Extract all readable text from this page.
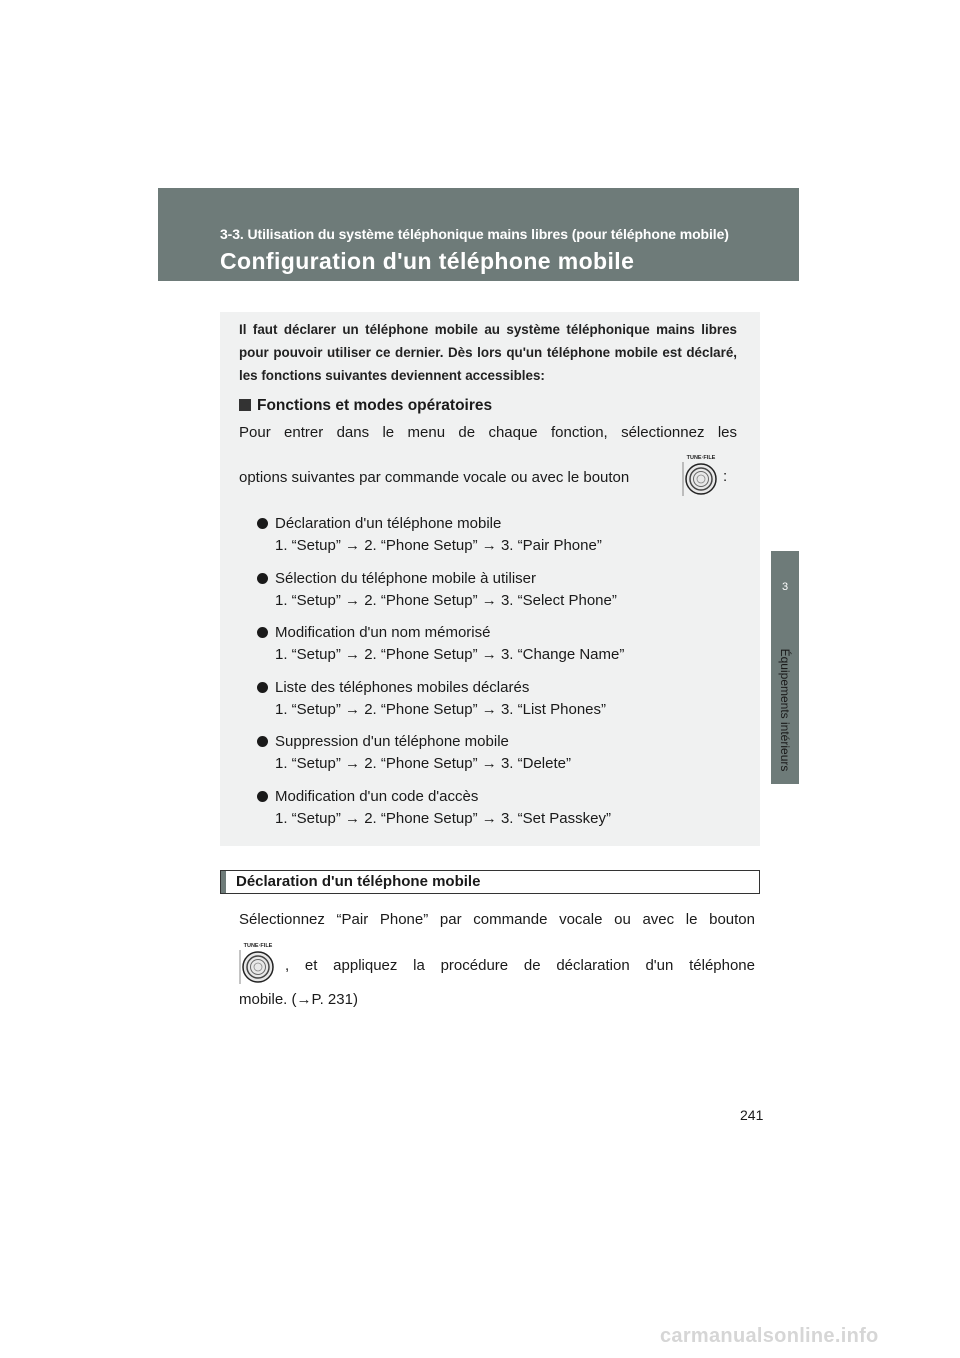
3-3. Utilisation du système téléphonique mains libres (pour téléphone mobile)
Configuration d'un téléphone mobile
3
Équipements intérieurs
Il faut déclarer un téléphone mobile au système téléphonique mains libres pour pouvoir utiliser ce dernier. Dès lors qu'un téléphone mobile est déclaré, les fonctions suivantes deviennent accessibles:
Fonctions et modes opératoires
Pour entrer dans le menu de chaque fonction, sélectionnez les
options suivantes par commande vocale ou avec le bouton
TUNE·FILE
:
Déclaration d'un téléphone mobile
1. “Setup” → 2. “Phone Setup” → 3. “Pair Phone”
Sélection du téléphone mobile à utiliser
1. “Setup” → 2. “Phone Setup” → 3. “Select Phone”
Modification d'un nom mémorisé
1. “Setup” → 2. “Phone Setup” → 3. “Change Name”
Liste des téléphones mobiles déclarés
1. “Setup” → 2. “Phone Setup” → 3. “List Phones”
Suppression d'un téléphone mobile
1. “Setup” → 2. “Phone Setup” → 3. “Delete”
Modification d'un code d'accès
1. “Setup” → 2. “Phone Setup” → 3. “Set Passkey”
Déclaration d'un téléphone mobile
Sélectionnez “Pair Phone” par commande vocale ou avec le bouton
TUNE·FILE
, et appliquez la procédure de déclaration d'un téléphone
mobile. (→P. 231)
241
carmanualsonline.info
